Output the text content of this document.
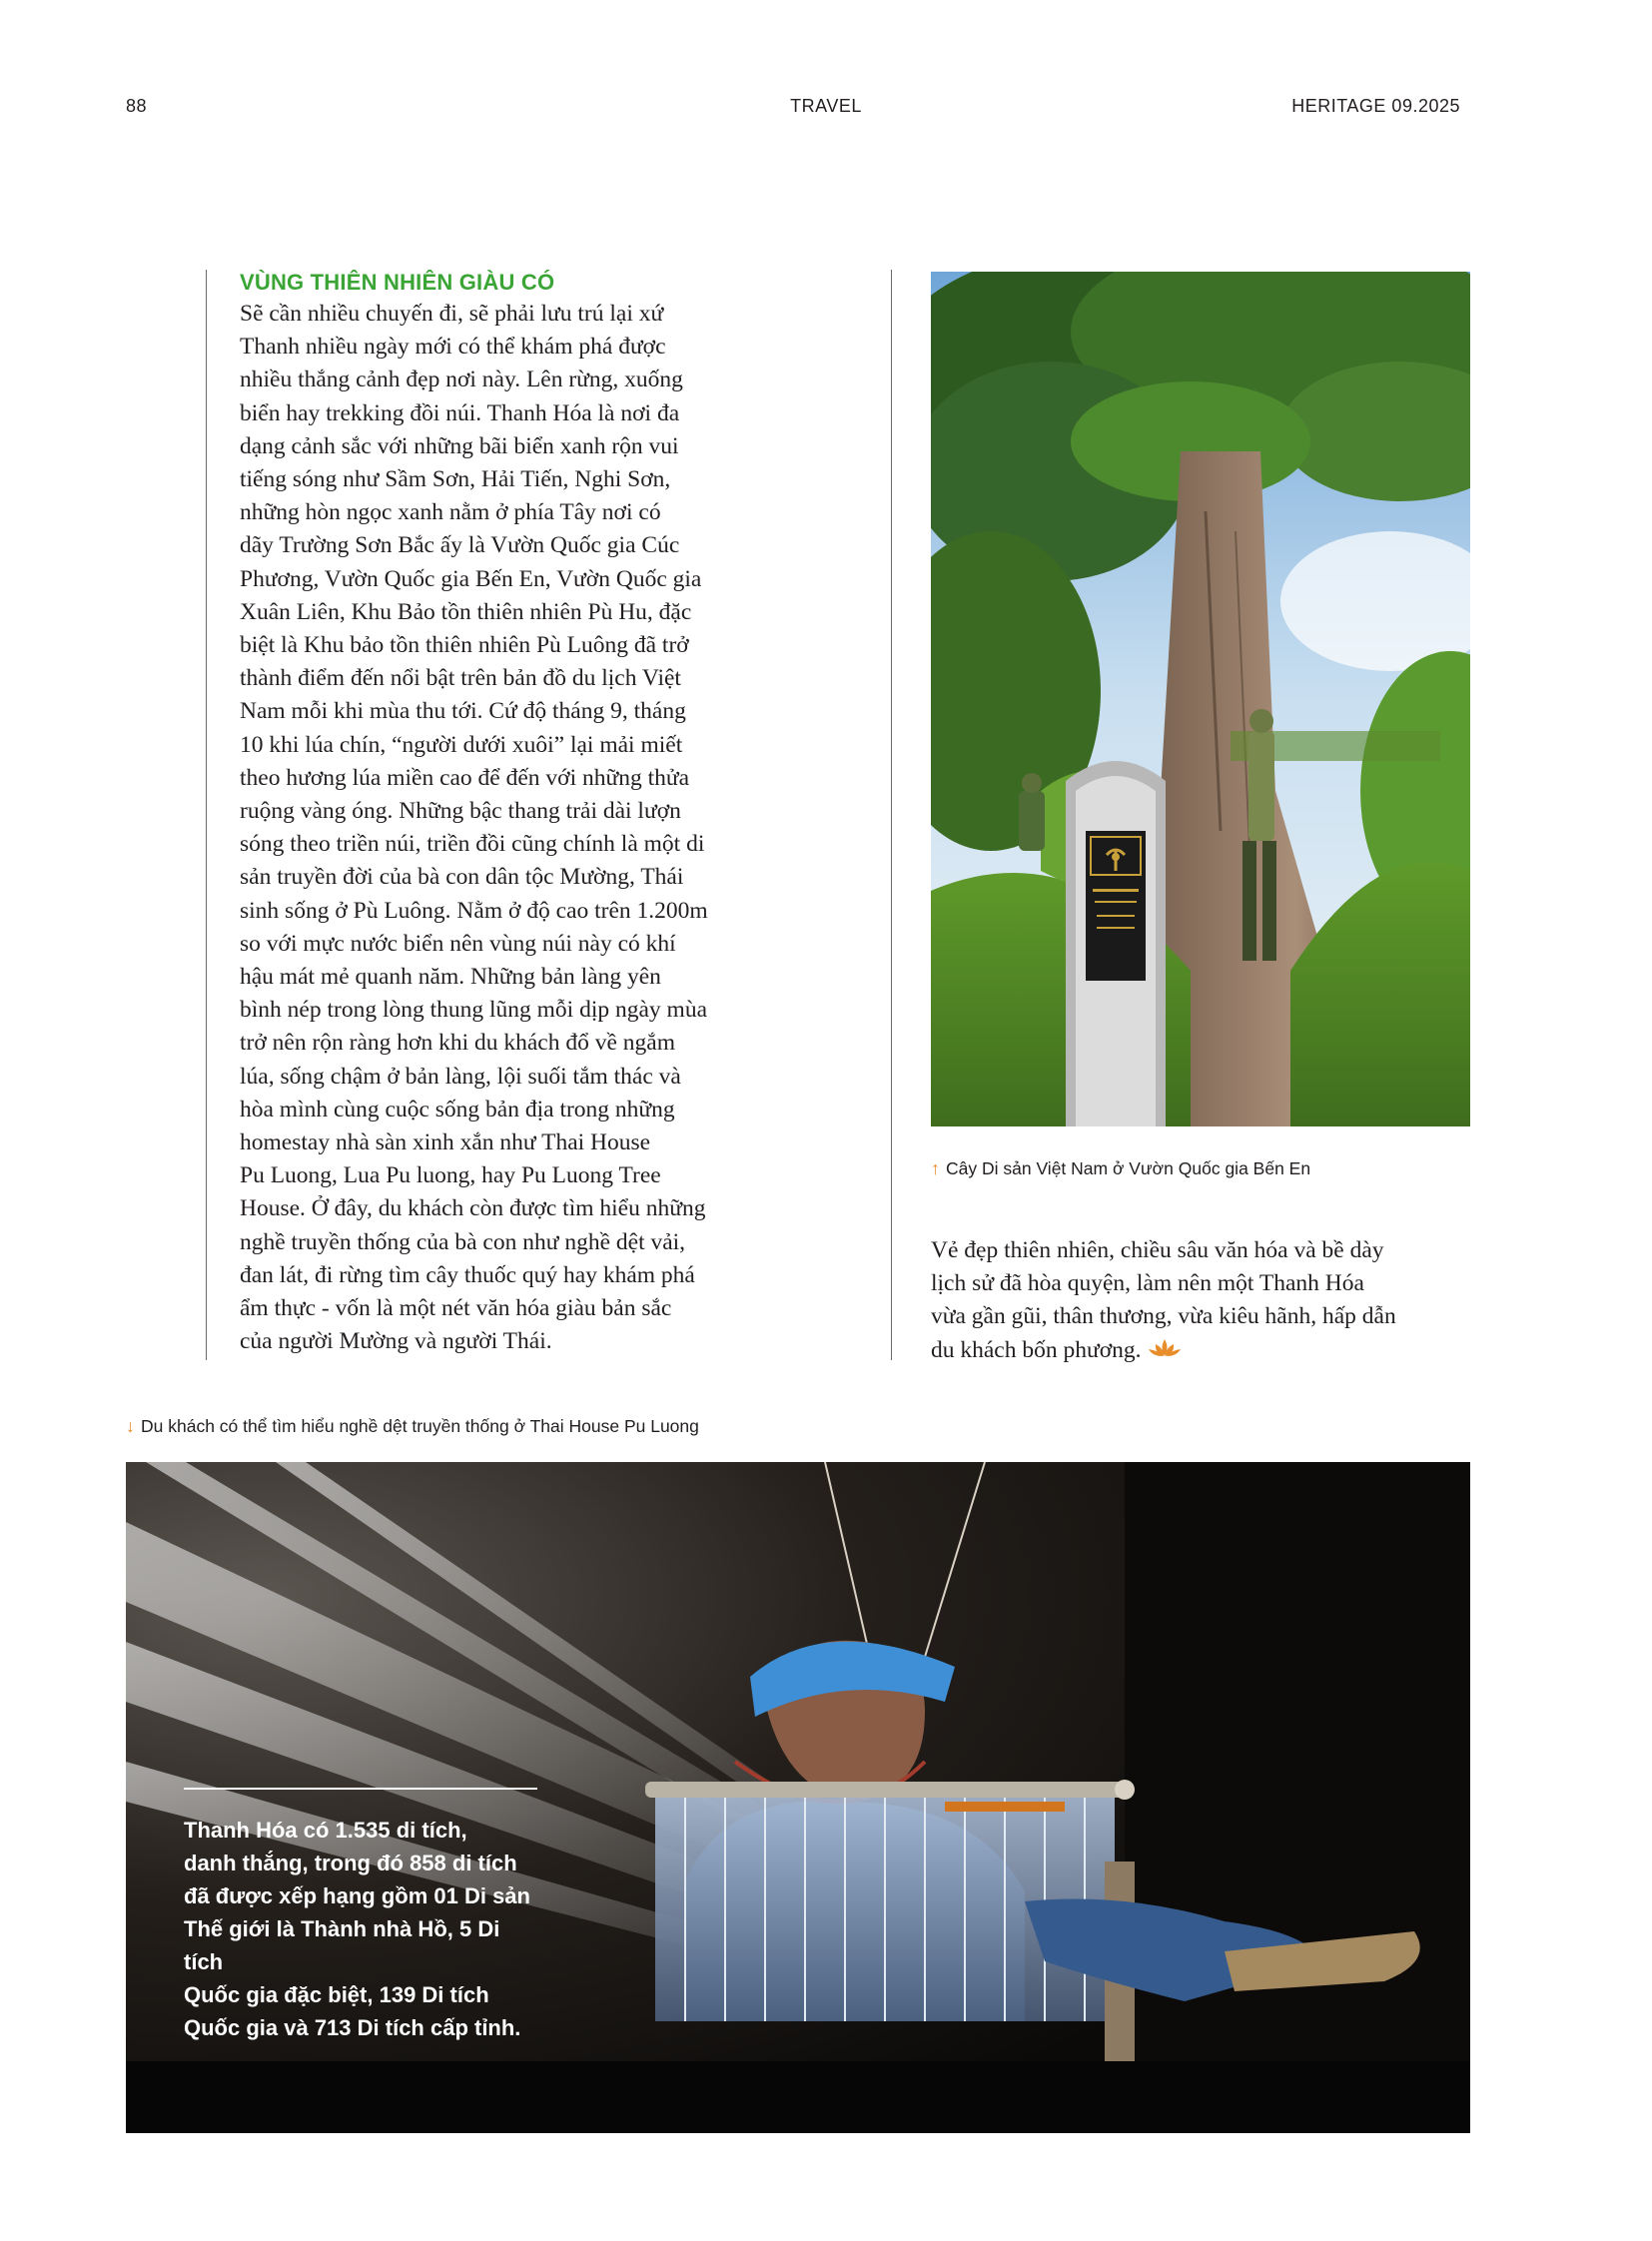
88	TRAVEL	HERITAGE 09.2025
VÙNG THIÊN NHIÊN GIÀU CÓ

Sẽ cần nhiều chuyến đi, sẽ phải lưu trú lại xứ

Thanh nhiều ngày mới có thể khám phá được

nhiều thắng cảnh đẹp nơi này. Lên rừng, xuống

biển hay trekking đồi núi. Thanh Hóa là nơi đa

dạng cảnh sắc với những bãi biển xanh rộn vui

tiếng sóng như Sầm Sơn, Hải Tiến, Nghi Sơn,

những hòn ngọc xanh nằm ở phía Tây nơi có

dãy Trường Sơn Bắc ấy là Vườn Quốc gia Cúc

Phương, Vườn Quốc gia Bến En, Vườn Quốc gia

Xuân Liên, Khu Bảo tồn thiên nhiên Pù Hu, đặc

biệt là Khu bảo tồn thiên nhiên Pù Luông đã trở

thành điểm đến nổi bật trên bản đồ du lịch Việt

Nam mỗi khi mùa thu tới. Cứ độ tháng 9, tháng

10 khi lúa chín, “người dưới xuôi” lại mải miết

theo hương lúa miền cao để đến với những thửa

ruộng vàng óng. Những bậc thang trải dài lượn

sóng theo triền núi, triền đồi cũng chính là một di

sản truyền đời của bà con dân tộc Mường, Thái

sinh sống ở Pù Luông. Nằm ở độ cao trên 1.200m

so với mực nước biển nên vùng núi này có khí

hậu mát mẻ quanh năm. Những bản làng yên

bình nép trong lòng thung lũng mỗi dịp ngày mùa

trở nên rộn ràng hơn khi du khách đổ về ngắm

lúa, sống chậm ở bản làng, lội suối tắm thác và

hòa mình cùng cuộc sống bản địa trong những

homestay nhà sàn xinh xắn như Thai House

Pu Luong, Lua Pu luong, hay Pu Luong Tree

House. Ở đây, du khách còn được tìm hiểu những

nghề truyền thống của bà con như nghề dệt vải,

đan lát, đi rừng tìm cây thuốc quý hay khám phá

ẩm thực - vốn là một nét văn hóa giàu bản sắc

của người Mường và người Thái.

↑ Cây Di sản Việt Nam ở Vườn Quốc gia Bến En

Vẻ đẹp thiên nhiên, chiều sâu văn hóa và bề dày

lịch sử đã hòa quyện, làm nên một Thanh Hóa

vừa gần gũi, thân thương, vừa kiêu hãnh, hấp dẫn

du khách bốn phương.

↓ Du khách có thể tìm hiểu nghề dệt truyền thống ở Thai House Pu Luong

Thanh Hóa có 1.535 di tích,

danh thắng, trong đó 858 di tích

đã được xếp hạng gồm 01 Di sản

Thế giới là Thành nhà Hồ, 5 Di tích

Quốc gia đặc biệt, 139 Di tích

Quốc gia và 713 Di tích cấp tỉnh.
